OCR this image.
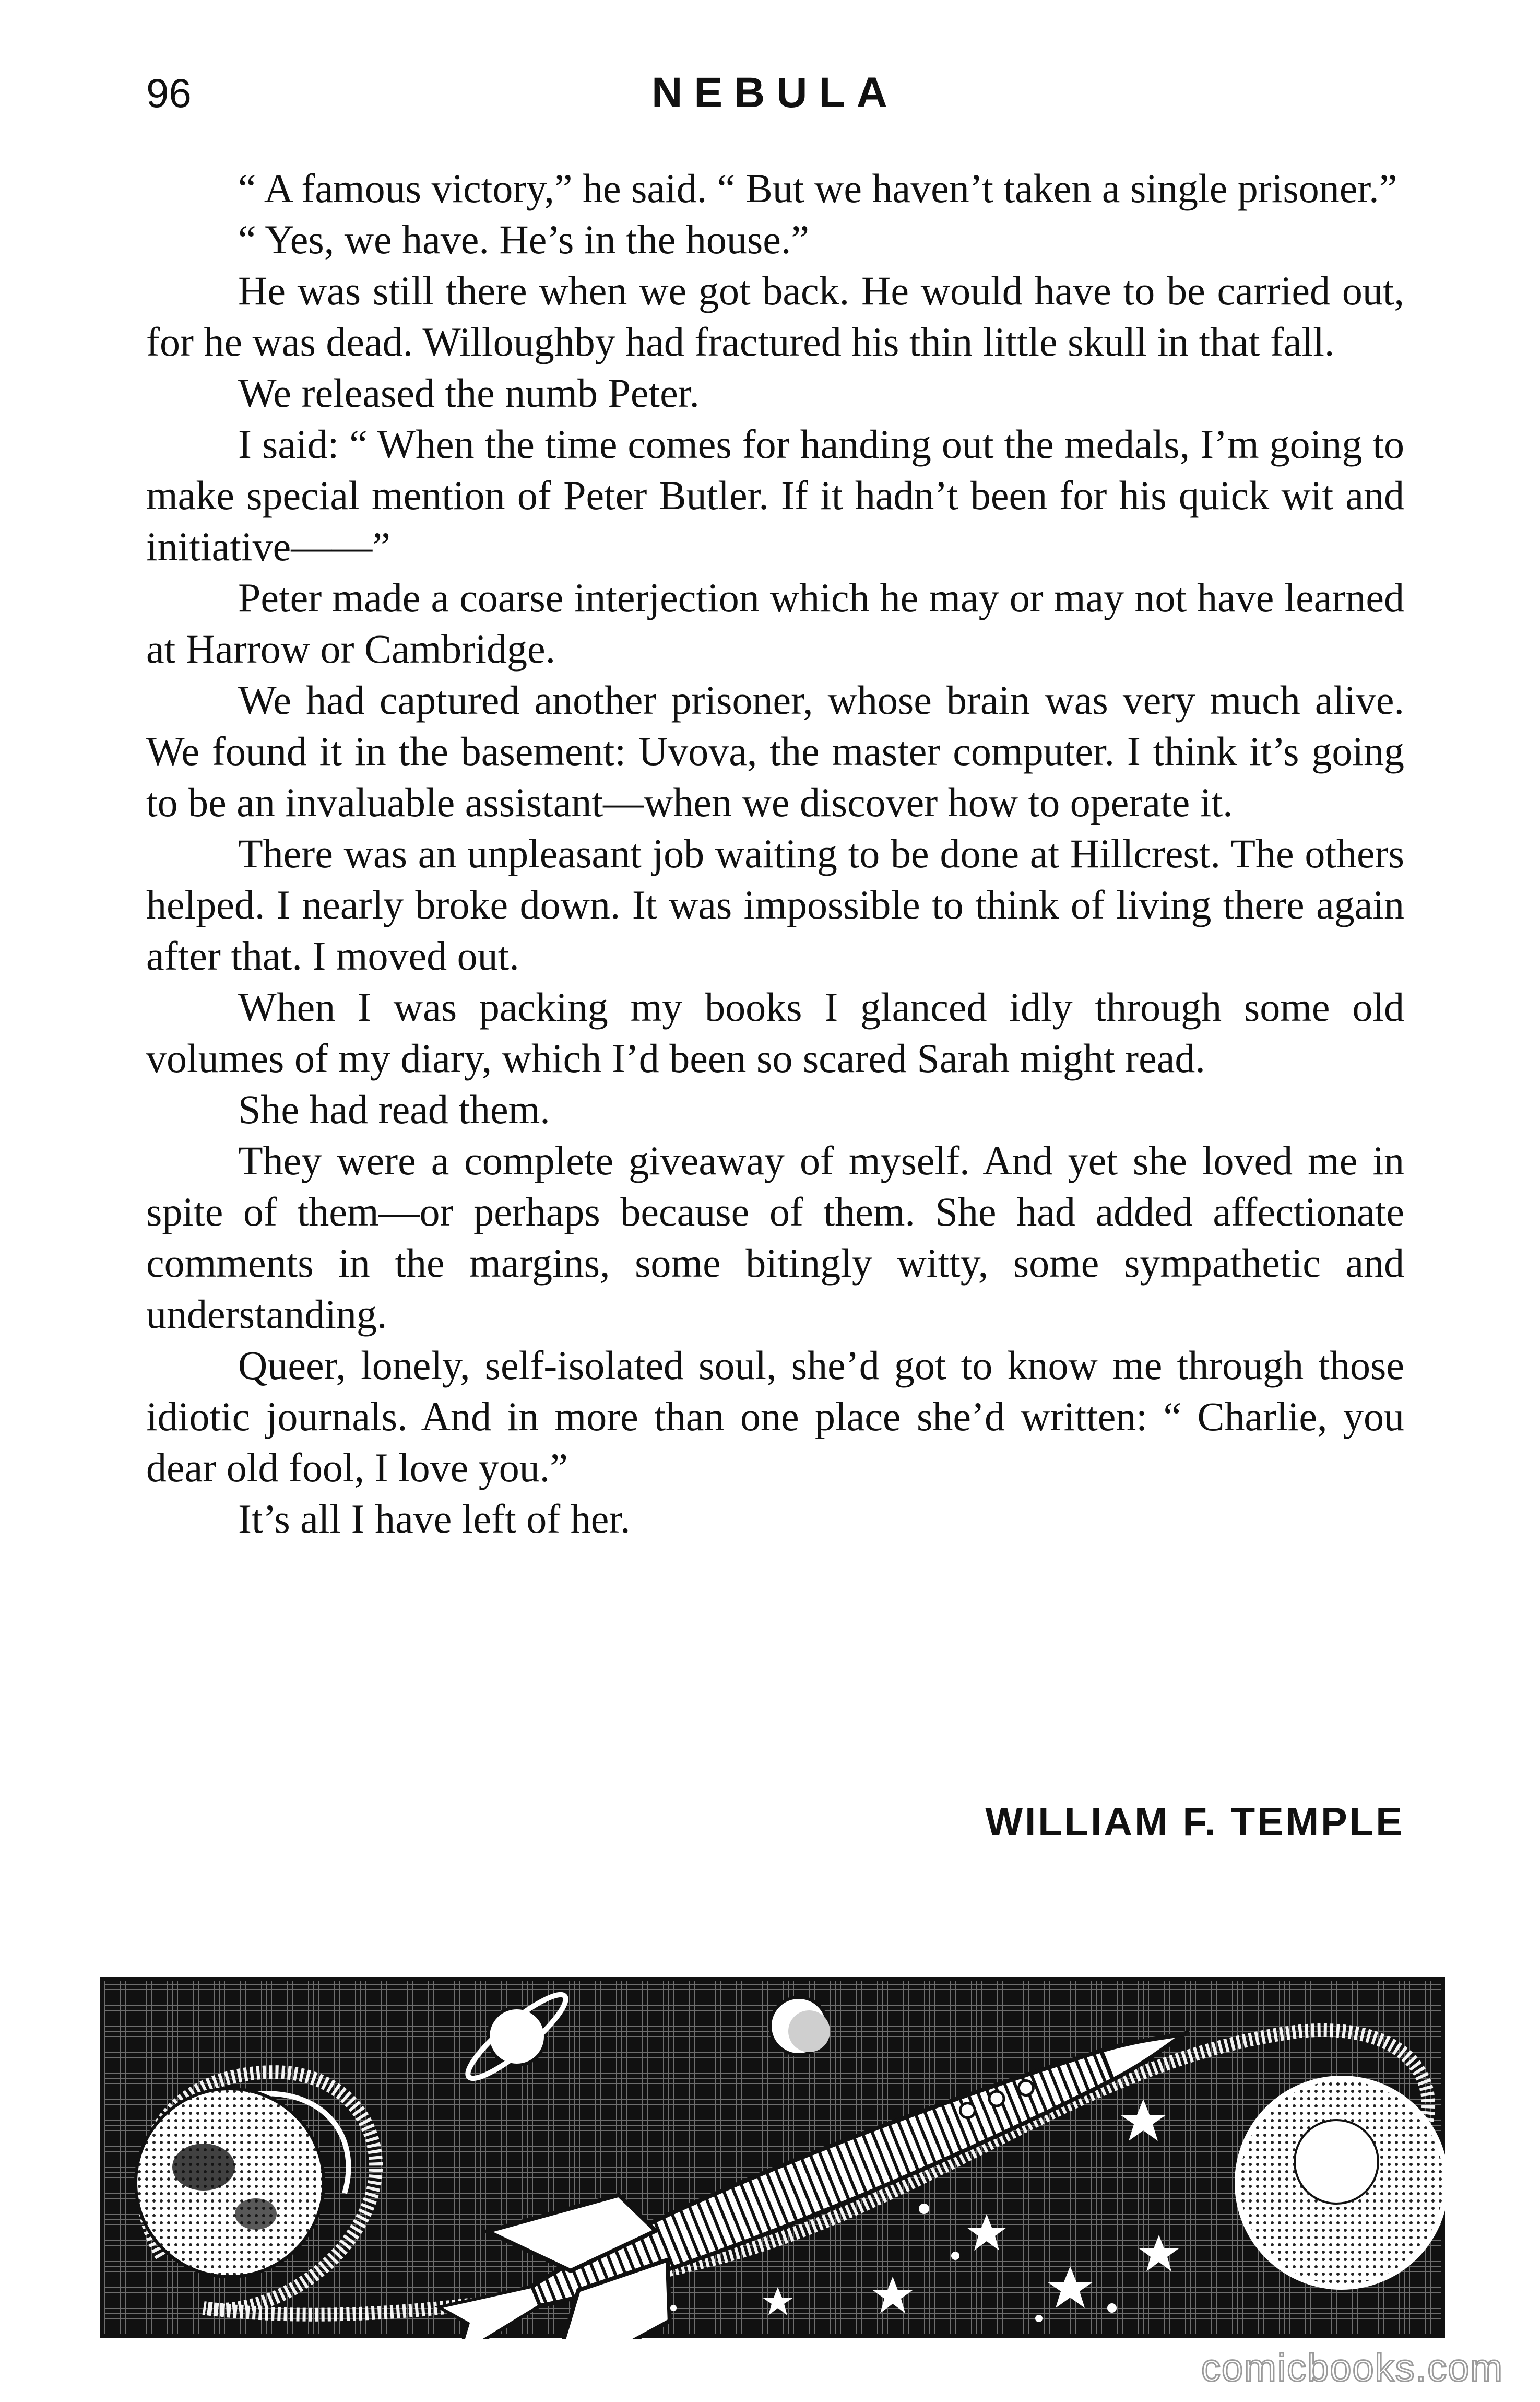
96	NEBULA

“ A famous victory,” he said. “ But we haven’t taken a single prisoner.”

“ Yes, we have. He’s in the house.”

He was still there when we got back. He would have to be carried out, for he was dead. Willoughby had fractured his thin little skull in that fall.

We released the numb Peter.

I said: “ When the time comes for handing out the medals, I’m going to make special mention of Peter Butler. If it hadn’t been for his quick wit and initiative——”

Peter made a coarse interjection which he may or may not have learned at Harrow or Cambridge.

We had captured another prisoner, whose brain was very much alive. We found it in the basement: Uvova, the master computer. I think it’s going to be an invaluable assistant—when we discover how to operate it.

There was an unpleasant job waiting to be done at Hillcrest. The others helped. I nearly broke down. It was impossible to think of living there again after that. I moved out.

When I was packing my books I glanced idly through some old volumes of my diary, which I’d been so scared Sarah might read.

She had read them.

They were a complete giveaway of myself. And yet she loved me in spite of them—or perhaps because of them. She had added affectionate comments in the margins, some bitingly witty, some sympathetic and understanding.

Queer, lonely, self-isolated soul, she’d got to know me through those idiotic journals. And in more than one place she’d written: “ Charlie, you dear old fool, I love you.”

It’s all I have left of her.

WILLIAM F. TEMPLE
comicbooks.com
